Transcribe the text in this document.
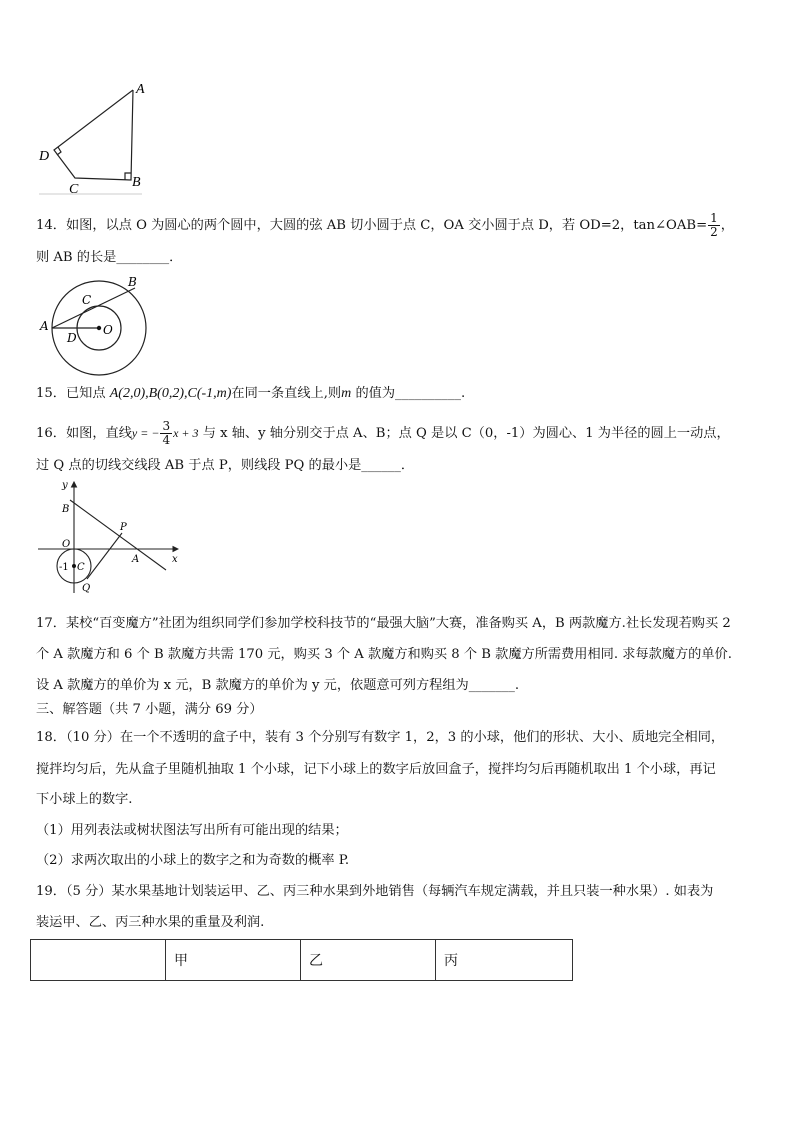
A
B
C
D
14．如图，以点 O 为圆心的两个圆中，大圆的弦 AB 切小圆于点 C，OA 交小圆于点 D，若 OD=2，tan∠OAB= $\frac{1}{2}$ ，
则 AB 的长是________．
A
B
C
D
O
15．已知点 A(2,0),B(0,2),C(-1,m)在同一条直线上,则m 的值为__________.
16．如图，直线y = − $\frac{3}{4}$ x + 3 与 x 轴、y 轴分别交于点 A、B；点 Q 是以 C（0，-1）为圆心、1 为半径的圆上一动点，
过 Q 点的切线交线段 AB 于点 P，则线段 PQ 的最小是______．
y
x
B
O
P
A
-1 C
Q
17．某校“百变魔方”社团为组织同学们参加学校科技节的“最强大脑”大赛，准备购买 A，B 两款魔方.社长发现若购买 2
个 A 款魔方和 6 个 B 款魔方共需 170 元，购买 3 个 A 款魔方和购买 8 个 B 款魔方所需费用相同. 求每款魔方的单价.
设 A 款魔方的单价为 x 元，B 款魔方的单价为 y 元，依题意可列方程组为_______.
三、解答题（共 7 小题，满分 69 分）
18．（10 分）在一个不透明的盒子中，装有 3 个分别写有数字 1，2，3 的小球，他们的形状、大小、质地完全相同，
搅拌均匀后，先从盒子里随机抽取 1 个小球，记下小球上的数字后放回盒子，搅拌均匀后再随机取出 1 个小球，再记
下小球上的数字.
（1）用列表法或树状图法写出所有可能出现的结果；
（2）求两次取出的小球上的数字之和为奇数的概率 P.
19．（5 分）某水果基地计划装运甲、乙、丙三种水果到外地销售（每辆汽车规定满载，并且只装一种水果）. 如表为
装运甲、乙、丙三种水果的重量及利润.
	甲	乙	丙
